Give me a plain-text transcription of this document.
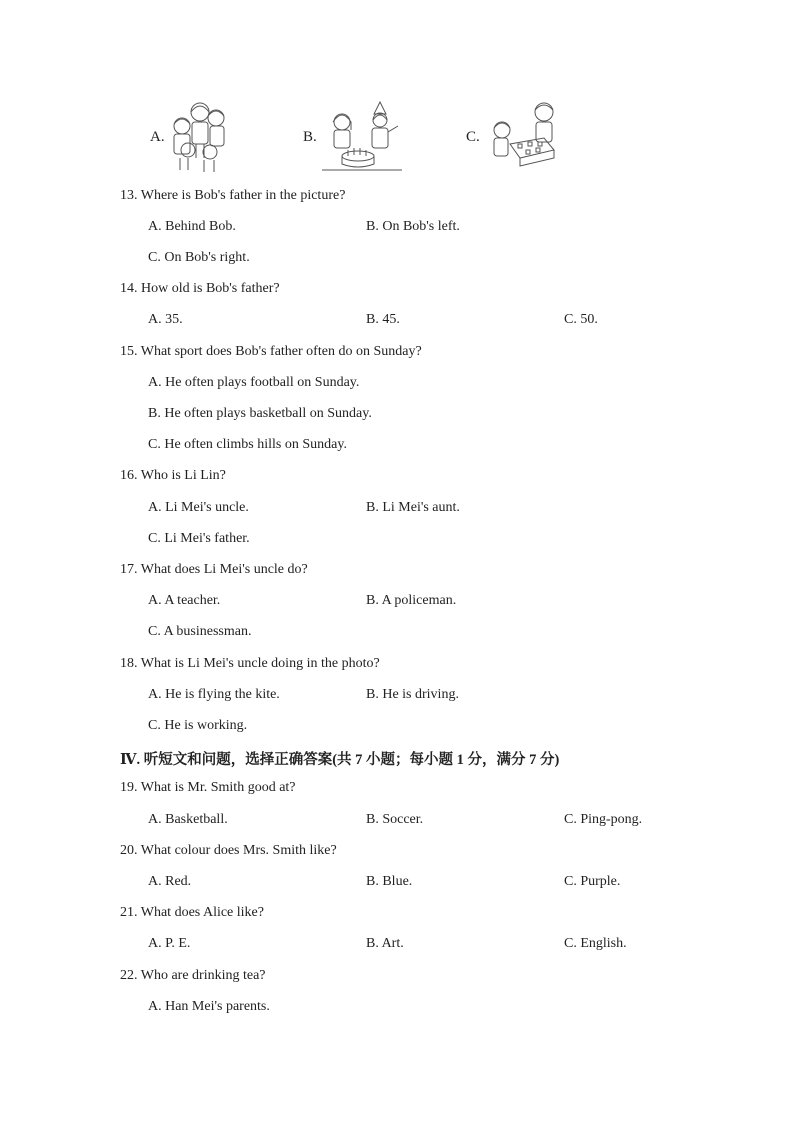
A.	B.	C.
13. Where is Bob's father in the picture?
A. Behind Bob.	B. On Bob's left.
C. On Bob's right.
14. How old is Bob's father?
A. 35.	B. 45.	C. 50.
15. What sport does Bob's father often do on Sunday?
A. He often plays football on Sunday.
B. He often plays basketball on Sunday.
C. He often climbs hills on Sunday.
16. Who is Li Lin?
A. Li Mei's uncle.	B. Li Mei's aunt.
C. Li Mei's father.
17. What does Li Mei's uncle do?
A. A teacher.	B. A policeman.
C. A businessman.
18. What is Li Mei's uncle doing in the photo?
A. He is flying the kite.	B. He is driving.
C. He is working.
Ⅳ. 听短文和问题，选择正确答案(共 7 小题；每小题 1 分，满分 7 分)
19. What is Mr. Smith good at?
A. Basketball.	B. Soccer.	C. Ping-pong.
20. What colour does Mrs. Smith like?
A. Red.	B. Blue.	C. Purple.
21. What does Alice like?
A. P. E.	B. Art.	C. English.
22. Who are drinking tea?
A. Han Mei's parents.
